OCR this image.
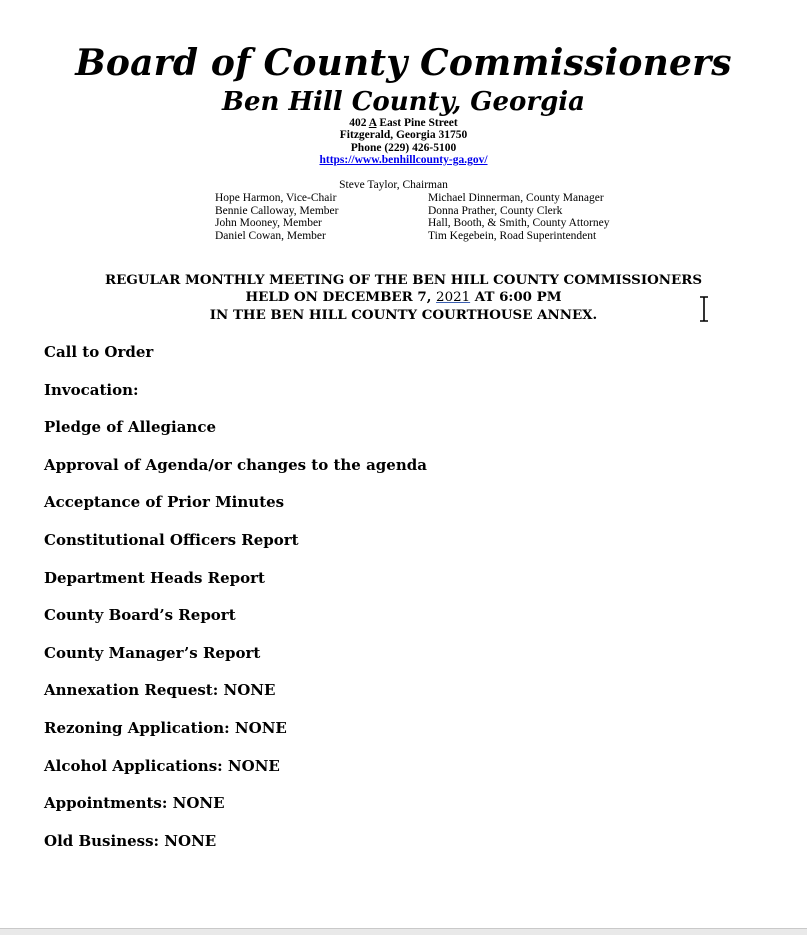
Board of County Commissioners
Ben Hill County, Georgia
402 A East Pine Street
Fitzgerald, Georgia 31750
Phone (229) 426-5100
https://www.benhillcounty-ga.gov/
Steve Taylor, Chairman
Hope Harmon, Vice-Chair
Bennie Calloway, Member
John Mooney, Member
Daniel Cowan, Member
Michael Dinnerman, County Manager
Donna Prather, County Clerk
Hall, Booth, & Smith, County Attorney
Tim Kegebein, Road Superintendent
REGULAR MONTHLY MEETING OF THE BEN HILL COUNTY COMMISSIONERS
HELD ON DECEMBER 7, 2021 AT 6:00 PM
IN THE BEN HILL COUNTY COURTHOUSE ANNEX.
Call to Order
Invocation:
Pledge of Allegiance
Approval of Agenda/or changes to the agenda
Acceptance of Prior Minutes
Constitutional Officers Report
Department Heads Report
County Board’s Report
County Manager’s Report
Annexation Request: NONE
Rezoning Application: NONE
Alcohol Applications: NONE
Appointments: NONE
Old Business: NONE
